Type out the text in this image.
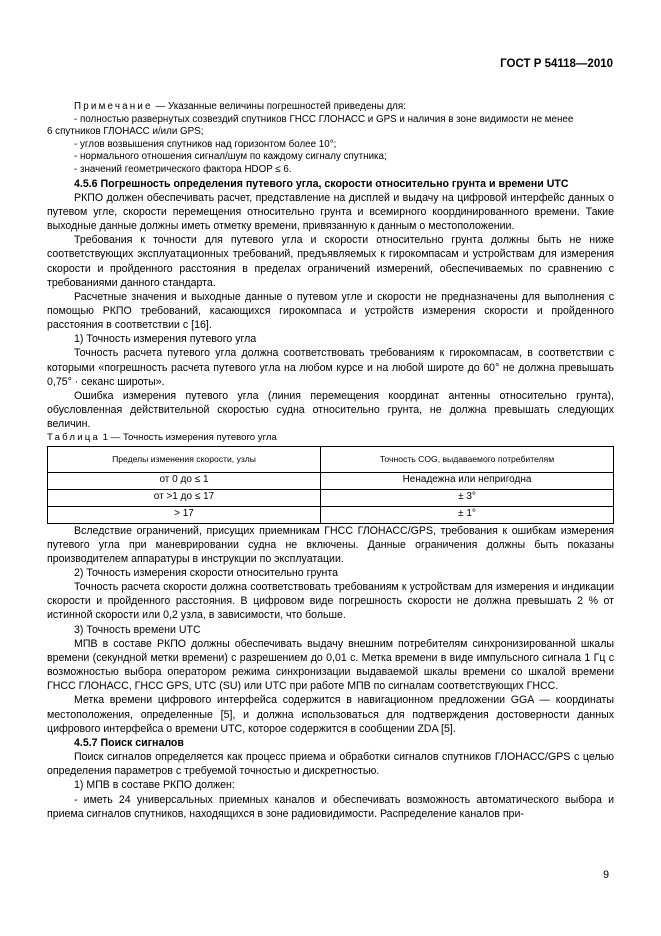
ГОСТ Р 54118—2010

Примечание — Указанные величины погрешностей приведены для:

- полностью развернутых созвездий спутников ГНСС ГЛОНАСС и GPS и наличия в зоне видимости не менее

6 спутников ГЛОНАСС и/или GPS;

- углов возвышения спутников над горизонтом более 10°;

- нормального отношения сигнал/шум по каждому сигналу спутника;

- значений геометрического фактора HDOP ≤ 6.

4.5.6 Погрешность определения путевого угла, скорости относительно грунта и времени UTC

РКПО должен обеспечивать расчет, представление на дисплей и выдачу на цифровой интерфейс данных о путевом угле, скорости перемещения относительно грунта и всемирного координированного времени. Такие выходные данные должны иметь отметку времени, привязанную к данным о местоположении.

Требования к точности для путевого угла и скорости относительно грунта должны быть не ниже соответствующих эксплуатационных требований, предъявляемых к гирокомпасам и устройствам для измерения скорости и пройденного расстояния в пределах ограничений измерений, обеспечиваемых по сравнению с требованиями данного стандарта.

Расчетные значения и выходные данные о путевом угле и скорости не предназначены для выполнения с помощью РКПО требований, касающихся гирокомпаса и устройств измерения скорости и пройденного расстояния в соответствии с [16].

1) Точность измерения путевого угла

Точность расчета путевого угла должна соответствовать требованиям к гирокомпасам, в соответствии с которыми «погрешность расчета путевого угла на любом курсе и на любой широте до 60° не должна превышать 0,75° · секанс широты».

Ошибка измерения путевого угла (линия перемещения координат антенны относительно грунта), обусловленная действительной скоростью судна относительно грунта, не должна превышать следующих величин.

Таблица 1 — Точность измерения путевого угла

Пределы изменения скорости, узлы	Точность COG, выдаваемого потребителям
от 0 до ≤ 1	Ненадежна или непригодна
от >1 до ≤ 17	± 3°
> 17	± 1°

Вследствие ограничений, присущих приемникам ГНСС ГЛОНАСС/GPS, требования к ошибкам измерения путевого угла при маневрировании судна не включены. Данные ограничения должны быть показаны производителем аппаратуры в инструкции по эксплуатации.

2) Точность измерения скорости относительно грунта

Точность расчета скорости должна соответствовать требованиям к устройствам для измерения и индикации скорости и пройденного расстояния. В цифровом виде погрешность скорости не должна превышать 2 % от истинной скорости или 0,2 узла, в зависимости, что больше.

3) Точность времени UTC

МПВ в составе РКПО должны обеспечивать выдачу внешним потребителям синхронизированной шкалы времени (секундной метки времени) с разрешением до 0,01 с. Метка времени в виде импульсного сигнала 1 Гц с возможностью выбора оператором режима синхронизации выдаваемой шкалы времени со шкалой времени ГНСС ГЛОНАСС, ГНСС GPS, UTC (SU) или UTC при работе МПВ по сигналам соответствующих ГНСС.

Метка времени цифрового интерфейса содержится в навигационном предложении GGA — координаты местоположения, определенные [5], и должна использоваться для подтверждения достоверности данных цифрового интерфейса о времени UTC, которое содержится в сообщении ZDA [5].

4.5.7 Поиск сигналов

Поиск сигналов определяется как процесс приема и обработки сигналов спутников ГЛОНАСС/GPS с целью определения параметров с требуемой точностью и дискретностью.

1) МПВ в составе РКПО должен:

- иметь 24 универсальных приемных каналов и обеспечивать возможность автоматического выбора и приема сигналов спутников, находящихся в зоне радиовидимости. Распределение каналов при-

9
